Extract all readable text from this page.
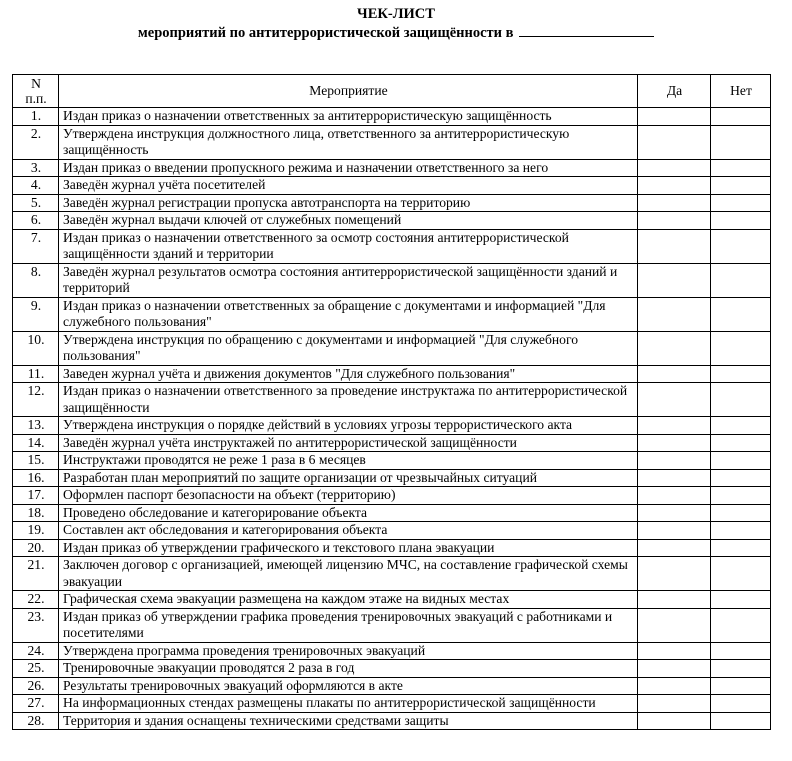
ЧЕК-ЛИСТ
мероприятий по антитеррористической защищённости в
N
п.п.	Мероприятие	Да	Нет
1.	Издан приказ о назначении ответственных за антитеррористическую защищённость		
2.	Утверждена инструкция должностного лица, ответственного за антитеррористическую защищённость		
3.	Издан приказ о введении пропускного режима и назначении ответственного за него		
4.	Заведён журнал учёта посетителей		
5.	Заведён журнал регистрации пропуска автотранспорта на территорию		
6.	Заведён журнал выдачи ключей от служебных помещений		
7.	Издан приказ о назначении ответственного за осмотр состояния антитеррористической защищённости зданий и территории		
8.	Заведён журнал результатов осмотра состояния антитеррористической защищённости зданий и территорий		
9.	Издан приказ о назначении ответственных за обращение с документами и информацией "Для служебного пользования"		
10.	Утверждена инструкция по обращению с документами и информацией "Для служебного пользования"		
11.	Заведен журнал учёта и движения документов "Для служебного пользования"		
12.	Издан приказ о назначении ответственного за проведение инструктажа по антитеррористической защищённости		
13.	Утверждена инструкция о порядке действий в условиях угрозы террористического акта		
14.	Заведён журнал учёта инструктажей по антитеррористической защищённости		
15.	Инструктажи проводятся не реже 1 раза в 6 месяцев		
16.	Разработан план мероприятий по защите организации от чрезвычайных ситуаций		
17.	Оформлен паспорт безопасности на объект (территорию)		
18.	Проведено обследование и категорирование объекта		
19.	Составлен акт обследования и категорирования объекта		
20.	Издан приказ об утверждении графического и текстового плана эвакуации		
21.	Заключен договор с организацией, имеющей лицензию МЧС, на составление графической схемы эвакуации		
22.	Графическая схема эвакуации размещена на каждом этаже на видных местах		
23.	Издан приказ об утверждении графика проведения тренировочных эвакуаций с работниками и посетителями		
24.	Утверждена программа проведения тренировочных эвакуаций		
25.	Тренировочные эвакуации проводятся 2 раза в год		
26.	Результаты тренировочных эвакуаций оформляются в акте		
27.	На информационных стендах размещены плакаты по антитеррористической защищённости		
28.	Территория и здания оснащены техническими средствами защиты		
